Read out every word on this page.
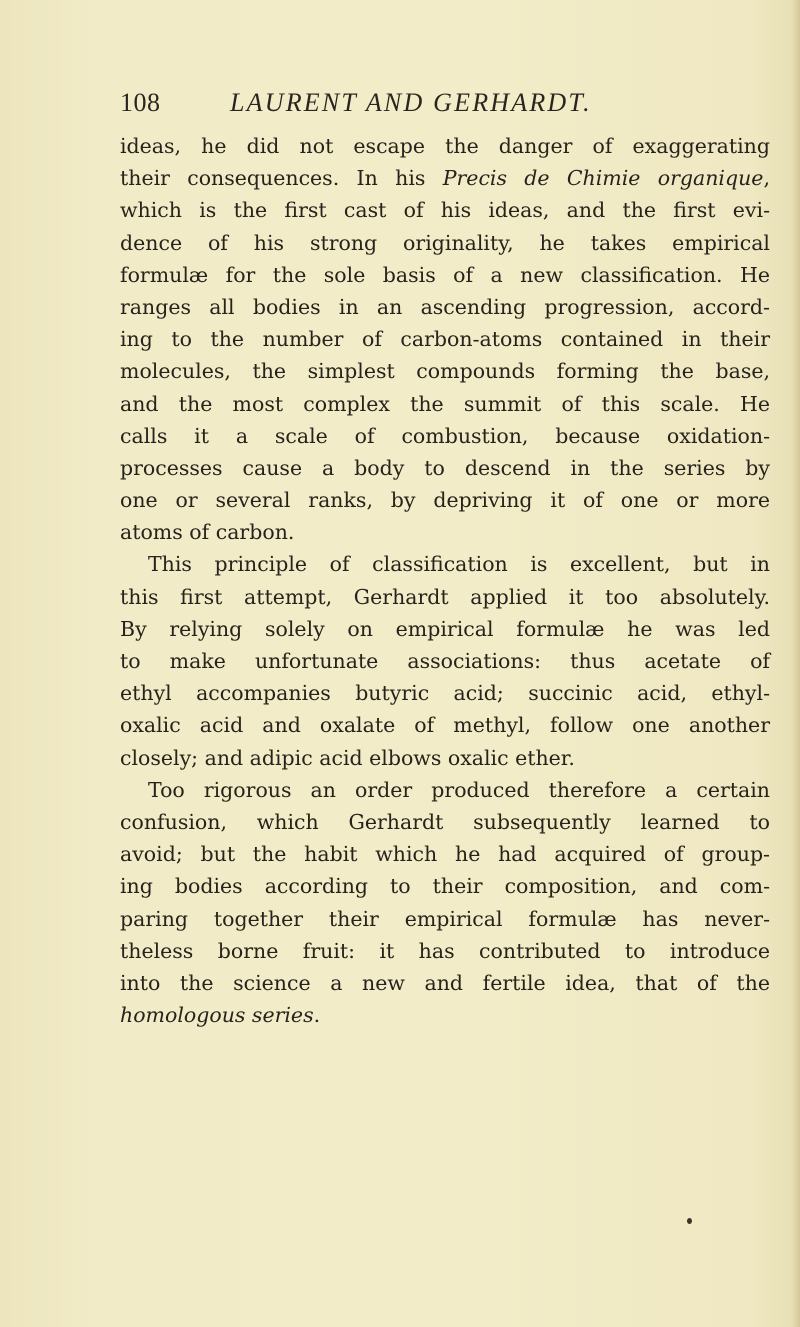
108	LAURENT AND GERHARDT.
ideas, he did not escape the danger of exaggerating
their consequences. In his Precis de Chimie organique,
which is the first cast of his ideas, and the first evi-
dence of his strong originality, he takes empirical
formulæ for the sole basis of a new classification. He
ranges all bodies in an ascending progression, accord-
ing to the number of carbon-atoms contained in their
molecules, the simplest compounds forming the base,
and the most complex the summit of this scale. He
calls it a scale of combustion, because oxidation-
processes cause a body to descend in the series by
one or several ranks, by depriving it of one or more
atoms of carbon.
This principle of classification is excellent, but in
this first attempt, Gerhardt applied it too absolutely.
By relying solely on empirical formulæ he was led
to make unfortunate associations: thus acetate of
ethyl accompanies butyric acid; succinic acid, ethyl-
oxalic acid and oxalate of methyl, follow one another
closely; and adipic acid elbows oxalic ether.
Too rigorous an order produced therefore a certain
confusion, which Gerhardt subsequently learned to
avoid; but the habit which he had acquired of group-
ing bodies according to their composition, and com-
paring together their empirical formulæ has never-
theless borne fruit: it has contributed to introduce
into the science a new and fertile idea, that of the
homologous series.
